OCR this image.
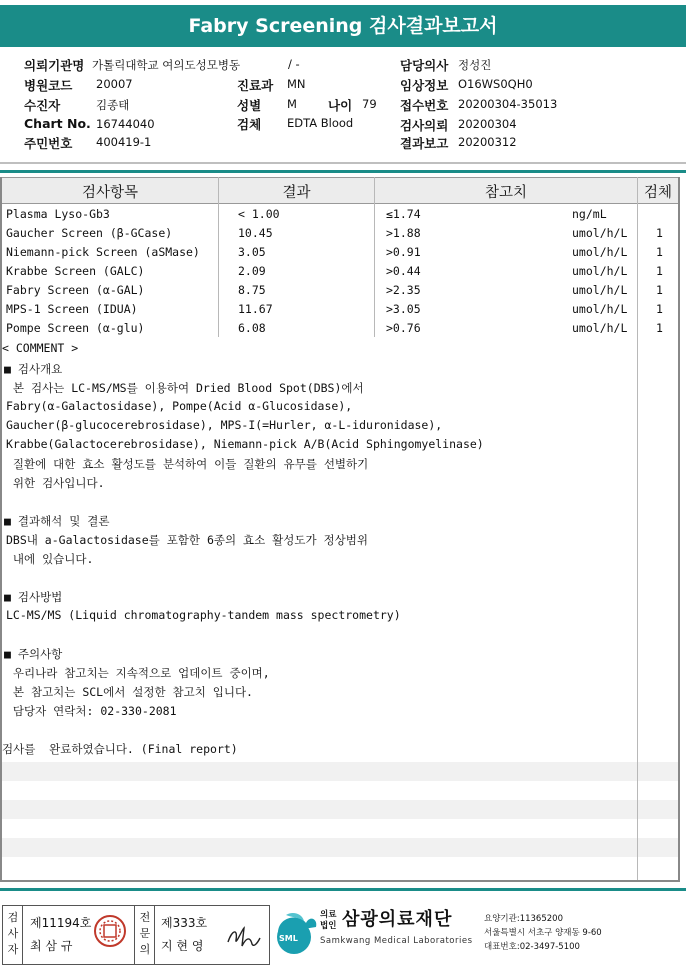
Fabry Screening 검사결과보고서
의뢰기관명 가톨릭대학교 여의도성모병동	/ -
병원코드 20007
수진자	김종태
Chart No. 16744040
주민번호 400419-1
진료과 MN
성별 M 나이 79
검체 EDTA Blood
담당의사 정성진
임상정보 O16WS0QH0
접수번호 20200304-35013
검사의뢰 20200304
결과보고 20200312
검사항목	결과	참고치	검체
Plasma Lyso-Gb3	< 1.00	≤1.74	ng/mL
Gaucher Screen (β-GCase)	10.45	>1.88	umol/h/L 1
Niemann-pick Screen (aSMase)	3.05	>0.91	umol/h/L 1
Krabbe Screen (GALC)	2.09	>0.44	umol/h/L 1
Fabry Screen (α-GAL)	8.75	>2.35	umol/h/L 1
MPS-1 Screen (IDUA)	11.67	>3.05	umol/h/L 1
Pompe Screen (α-glu)	6.08	>0.76	umol/h/L 1
< COMMENT >
■ 검사개요
본 검사는 LC-MS/MS를 이용하여 Dried Blood Spot(DBS)에서
Fabry(α-Galactosidase), Pompe(Acid α-Glucosidase),
Gaucher(β-glucocerebrosidase), MPS-I(=Hurler, α-L-iduronidase),
Krabbe(Galactocerebrosidase), Niemann-pick A/B(Acid Sphingomyelinase)
질환에 대한 효소 활성도를 분석하여 이들 질환의 유무를 선별하기
위한 검사입니다.
■ 결과해석 및 결론
DBS내 a-Galactosidase를 포함한 6종의 효소 활성도가 정상범위
내에 있습니다.
■ 검사방법
LC-MS/MS (Liquid chromatography-tandem mass spectrometry)
■ 주의사항
우리나라 참고치는 지속적으로 업데이트 중이며,
본 참고치는 SCL에서 설정한 참고치 입니다.
담당자 연락처: 02-330-2081
검사를  완료하였습니다. (Final report)
검
사
자
제11194호
최 삼 규
전
문
의
제333호
지 현 영
SML
의료
법인 삼광의료재단
Samkwang Medical Laboratories
요양기관:11365200
서울특별시 서초구 양재동 9-60
대표번호:02-3497-5100
